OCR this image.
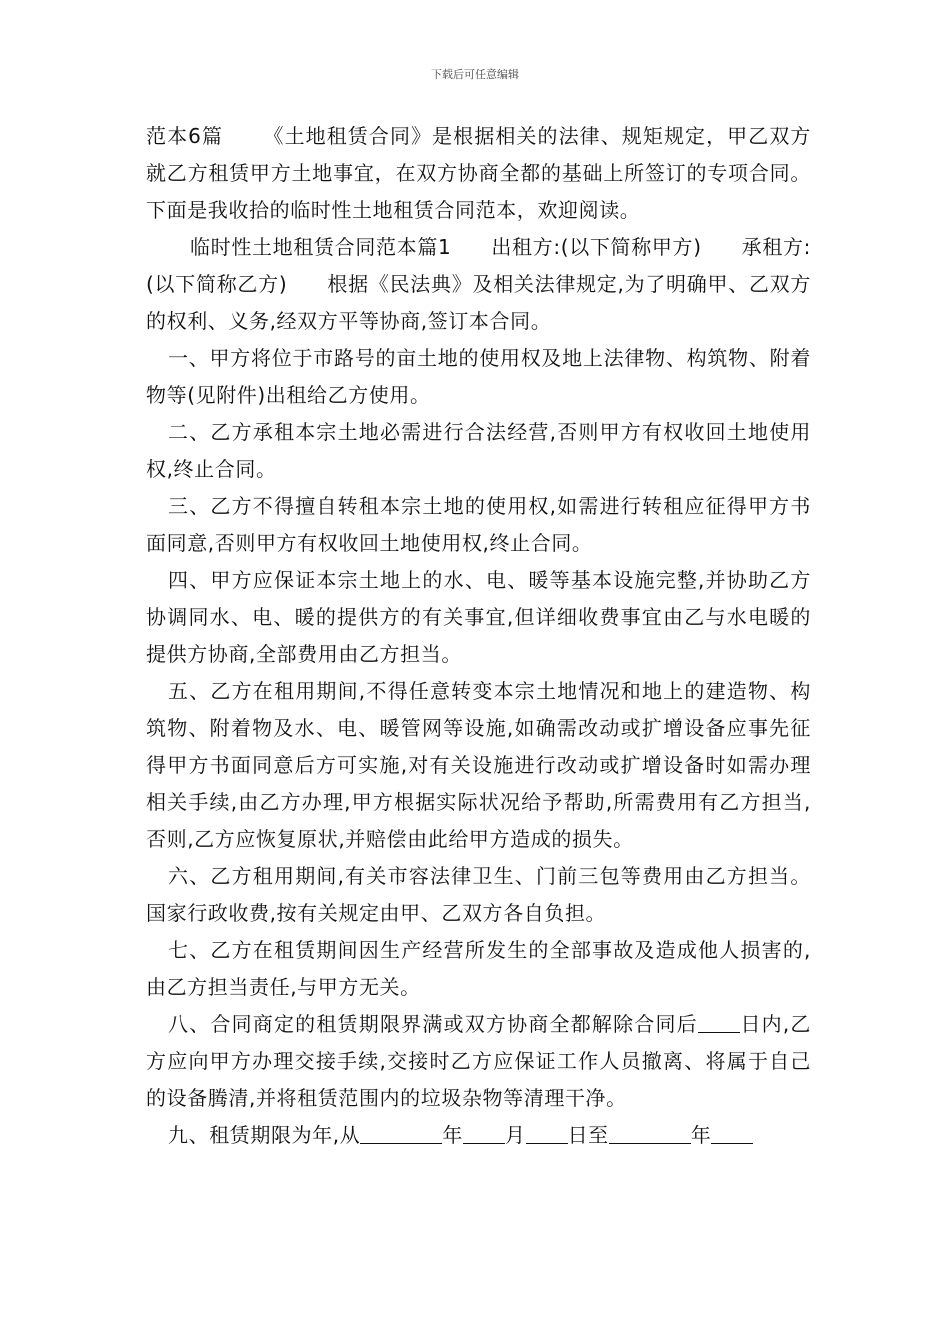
下载后可任意编辑

范本6篇 《土地租赁合同》是根据相关的法律、规矩规定，甲乙双方就乙方租赁甲方土地事宜，在双方协商全都的基础上所签订的专项合同。下面是我收拾的临时性土地租赁合同范本，欢迎阅读。

临时性土地租赁合同范本篇1 出租方:(以下简称甲方) 承租方:(以下简称乙方) 根据《民法典》及相关法律规定,为了明确甲、乙双方的权利、义务,经双方平等协商,签订本合同。

一、甲方将位于市路号的亩土地的使用权及地上法律物、构筑物、附着物等(见附件)出租给乙方使用。

二、乙方承租本宗土地必需进行合法经营,否则甲方有权收回土地使用权,终止合同。

三、乙方不得擅自转租本宗土地的使用权,如需进行转租应征得甲方书面同意,否则甲方有权收回土地使用权,终止合同。

四、甲方应保证本宗土地上的水、电、暖等基本设施完整,并协助乙方协调同水、电、暖的提供方的有关事宜,但详细收费事宜由乙与水电暖的提供方协商,全部费用由乙方担当。

五、乙方在租用期间,不得任意转变本宗土地情况和地上的建造物、构筑物、附着物及水、电、暖管网等设施,如确需改动或扩增设备应事先征得甲方书面同意后方可实施,对有关设施进行改动或扩增设备时如需办理相关手续,由乙方办理,甲方根据实际状况给予帮助,所需费用有乙方担当,否则,乙方应恢复原状,并赔偿由此给甲方造成的损失。

六、乙方租用期间,有关市容法律卫生、门前三包等费用由乙方担当。国家行政收费,按有关规定由甲、乙双方各自负担。

七、乙方在租赁期间因生产经营所发生的全部事故及造成他人损害的,由乙方担当责任,与甲方无关。

八、合同商定的租赁期限界满或双方协商全都解除合同后 日内,乙方应向甲方办理交接手续,交接时乙方应保证工作人员撤离、将属于自己的设备腾清,并将租赁范围内的垃圾杂物等清理干净。

九、租赁期限为年,从	年 月 日至	年
